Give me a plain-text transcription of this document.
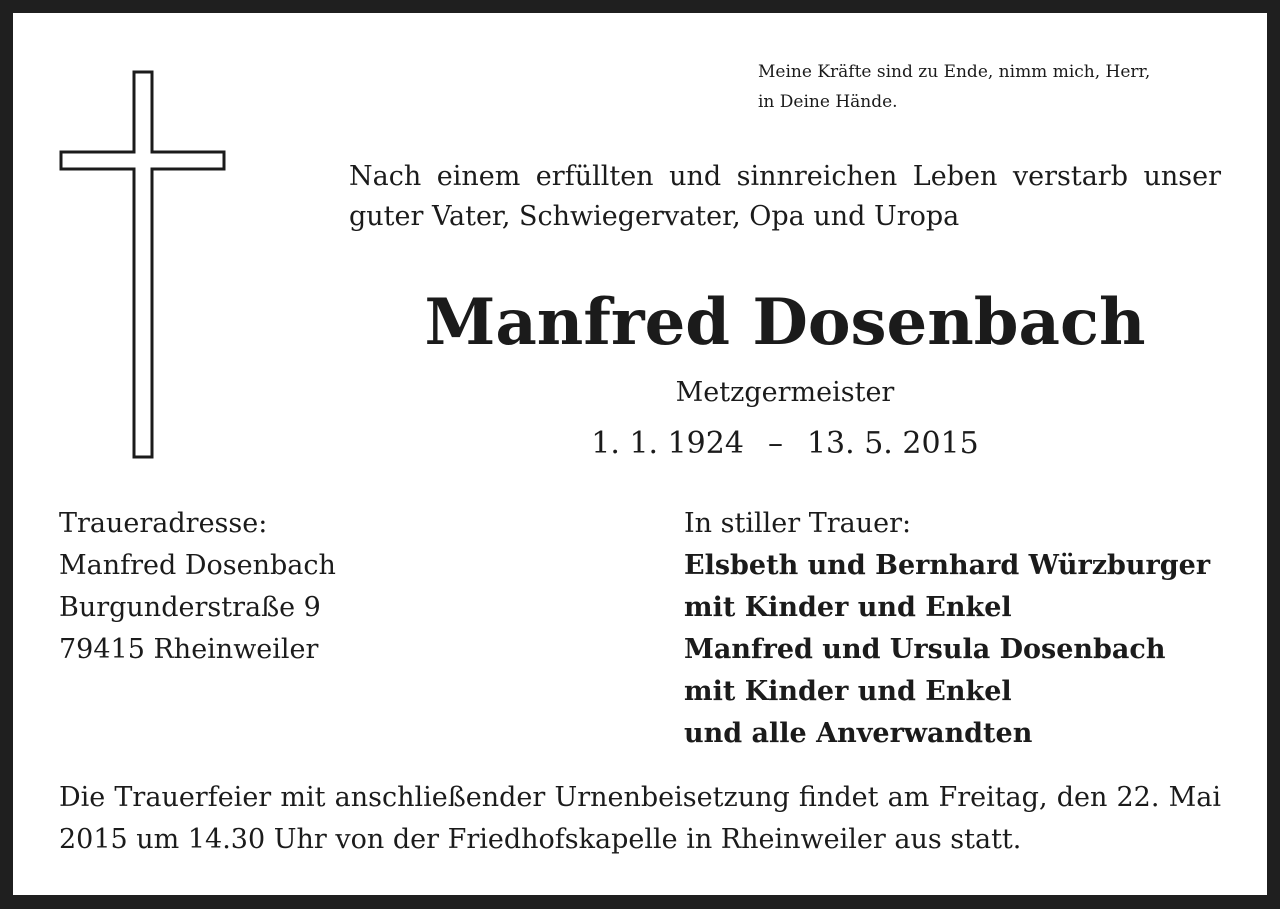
Meine Kräfte sind zu Ende, nimm mich, Herr,
in Deine Hände.
Nach einem erfüllten und sinnreichen Leben verstarb unser
guter Vater, Schwiegervater, Opa und Uropa
Manfred Dosenbach
Metzgermeister
1. 1. 1924 – 13. 5. 2015
Traueradresse:
Manfred Dosenbach
Burgunderstraße 9
79415 Rheinweiler
In stiller Trauer:
Elsbeth und Bernhard Würzburger
mit Kinder und Enkel
Manfred und Ursula Dosenbach
mit Kinder und Enkel
und alle Anverwandten
Die Trauerfeier mit anschließender Urnenbeisetzung findet am Freitag, den 22. Mai
2015 um 14.30 Uhr von der Friedhofskapelle in Rheinweiler aus statt.
